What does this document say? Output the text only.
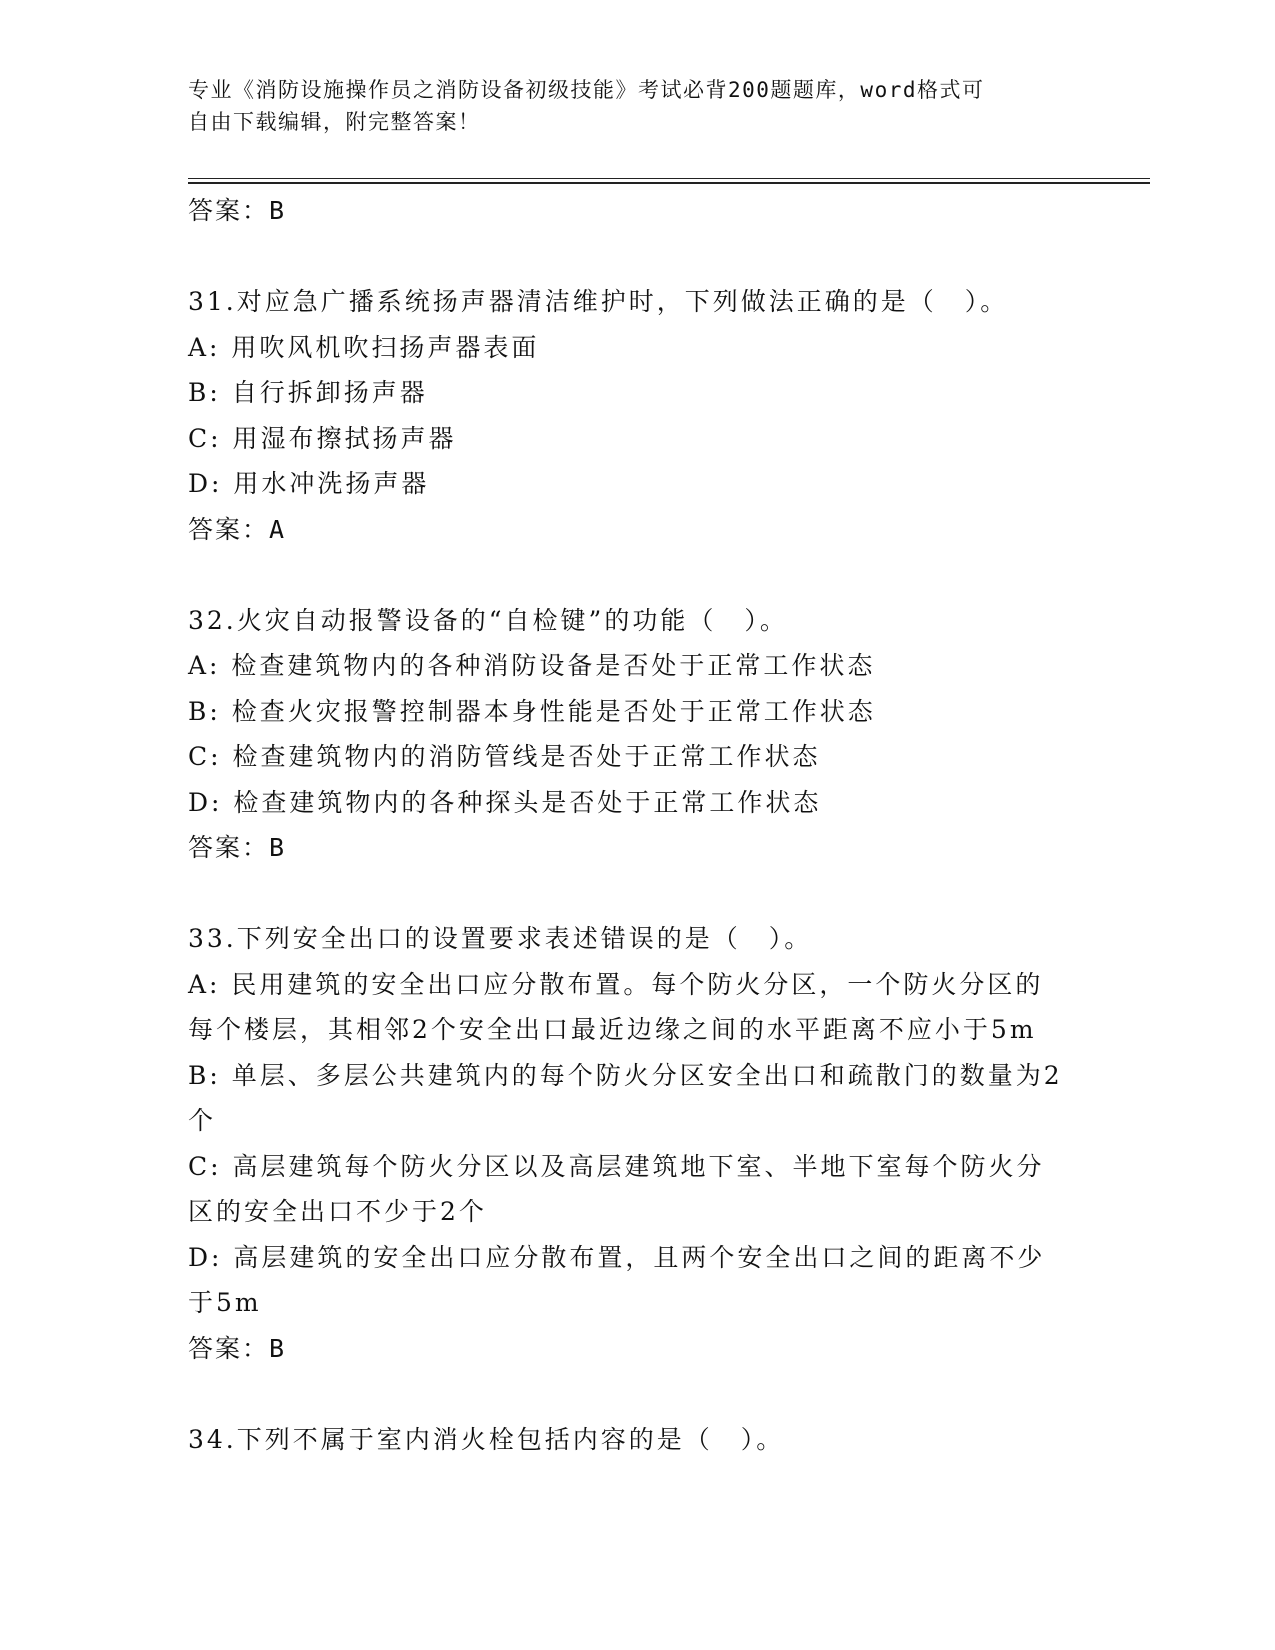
专业《消防设施操作员之消防设备初级技能》考试必背200题题库，word格式可
自由下载编辑，附完整答案！

答案：B

31.对应急广播系统扬声器清洁维护时，下列做法正确的是（　）。

A: 用吹风机吹扫扬声器表面

B: 自行拆卸扬声器

C: 用湿布擦拭扬声器

D: 用水冲洗扬声器

答案：A

32.火灾自动报警设备的“自检键”的功能（　）。

A: 检查建筑物内的各种消防设备是否处于正常工作状态

B: 检查火灾报警控制器本身性能是否处于正常工作状态

C: 检查建筑物内的消防管线是否处于正常工作状态

D: 检查建筑物内的各种探头是否处于正常工作状态

答案：B

33.下列安全出口的设置要求表述错误的是（　）。

A: 民用建筑的安全出口应分散布置。每个防火分区，一个防火分区的每个楼层，其相邻2个安全出口最近边缘之间的水平距离不应小于5m

B: 单层、多层公共建筑内的每个防火分区安全出口和疏散门的数量为2个

C: 高层建筑每个防火分区以及高层建筑地下室、半地下室每个防火分区的安全出口不少于2个

D: 高层建筑的安全出口应分散布置，且两个安全出口之间的距离不少于5m

答案：B

34.下列不属于室内消火栓包括内容的是（　）。
